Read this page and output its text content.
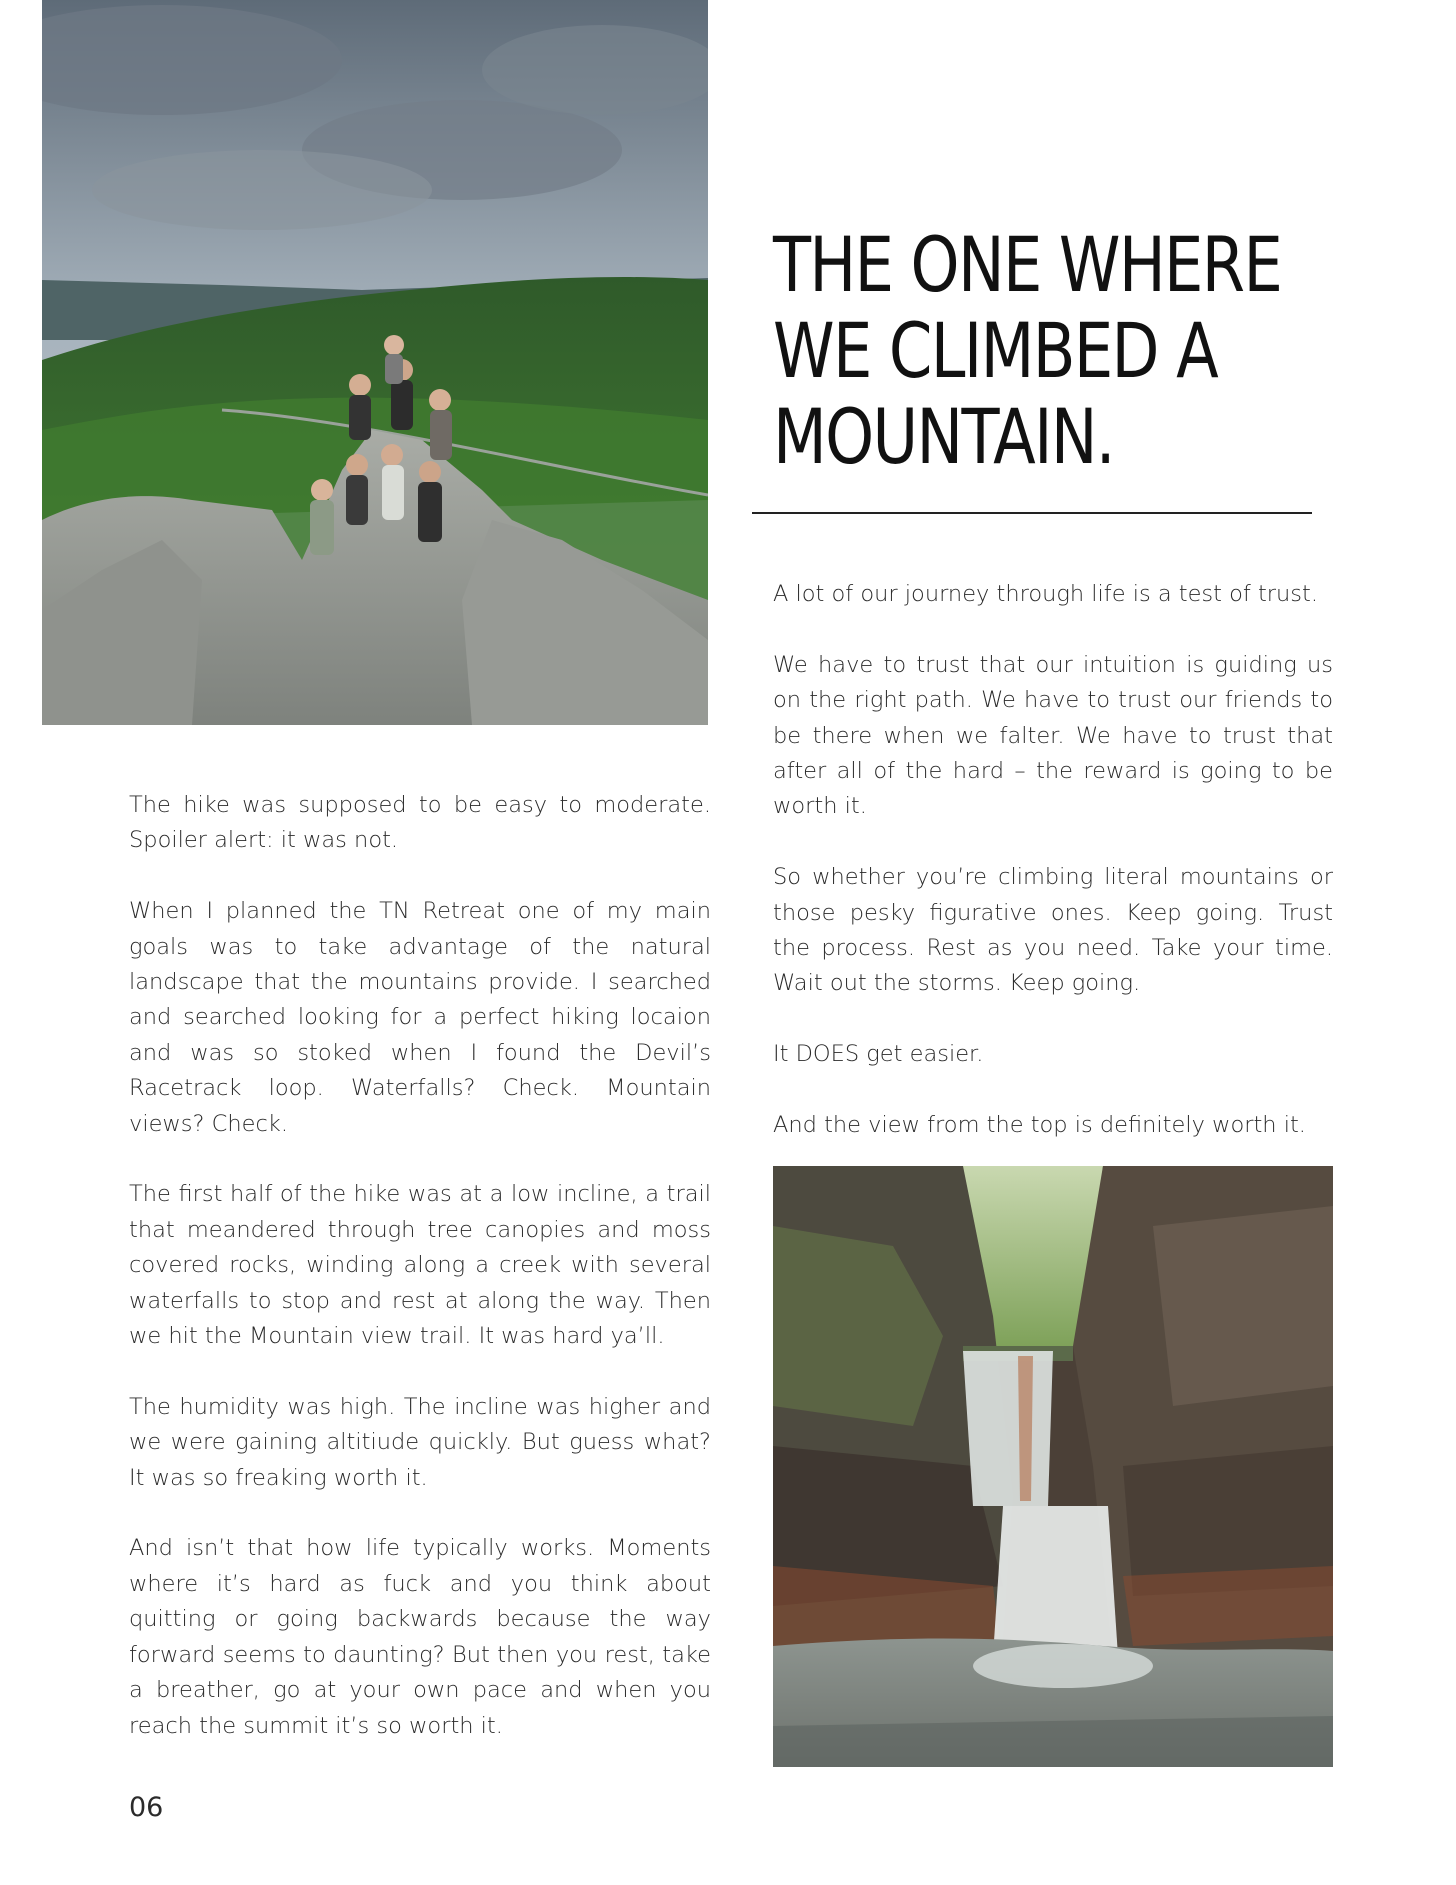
THE ONE WHERE
WE CLIMBED A
MOUNTAIN.

A lot of our journey through life is a test of trust.

We have to trust that our intuition is guiding us on the right path. We have to trust our friends to be there when we falter. We have to trust that after all of the hard – the reward is going to be worth it.

So whether you’re climbing literal mountains or those pesky figurative ones. Keep going. Trust the process. Rest as you need. Take your time. Wait out the storms. Keep going.

It DOES get easier.

And the view from the top is definitely worth it.

The hike was supposed to be easy to moderate. Spoiler alert: it was not.

When I planned the TN Retreat one of my main goals was to take advantage of the natural landscape that the mountains provide. I searched and searched looking for a perfect hiking locaion and was so stoked when I found the Devil’s Racetrack loop. Waterfalls? Check. Mountain views? Check.

The first half of the hike was at a low incline, a trail that meandered through tree canopies and moss covered rocks, winding along a creek with several waterfalls to stop and rest at along the way. Then we hit the Mountain view trail. It was hard ya’ll.

The humidity was high. The incline was higher and we were gaining altitiude quickly. But guess what? It was so freaking worth it.

And isn’t that how life typically works. Moments where it’s hard as fuck and you think about quitting or going backwards because the way forward seems to daunting? But then you rest, take a breather, go at your own pace and when you reach the summit it’s so worth it.

06
